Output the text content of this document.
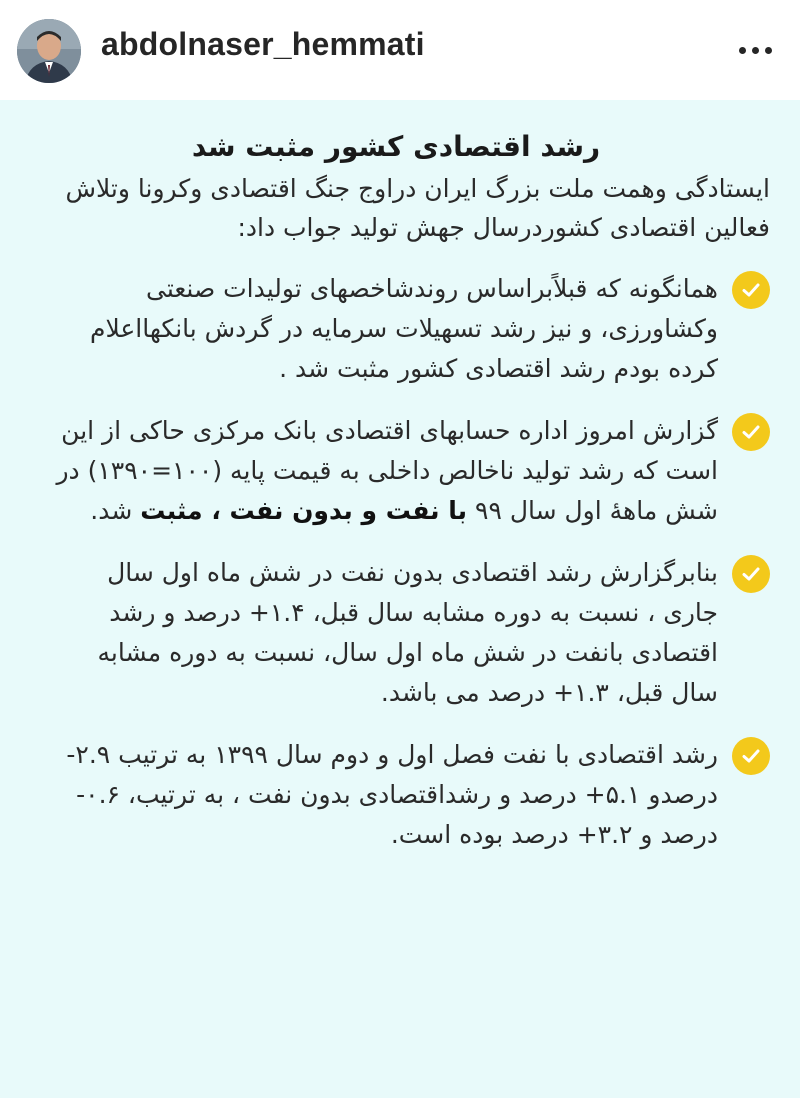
abdolnaser_hemmati
رشد اقتصادی کشور مثبت شد
ایستادگی وهمت ملت بزرگ ایران دراوج جنگ اقتصادی وکرونا وتلاش فعالین اقتصادی کشوردرسال جهش تولید جواب داد:
همانگونه که قبلاًبراساس روندشاخصهای تولیدات صنعتی وکشاورزی، و نیز رشد تسهیلات سرمایه در گردش بانکهااعلام کرده بودم رشد اقتصادی کشور مثبت شد .
گزارش امروز اداره حسابهای اقتصادی بانک مرکزی حاکی از این است که رشد تولید ناخالص داخلی به قیمت پایه (۱۰۰=۱۳۹۰) در شش ماههٔ اول سال ۹۹ با نفت و بدون نفت ، مثبت شد.
بنابرگزارش رشد اقتصادی بدون نفت در شش ماه اول سال جاری ، نسبت به دوره مشابه سال قبل، ۱.۴+ درصد و رشد اقتصادی بانفت در شش ماه اول سال، نسبت به دوره مشابه سال قبل، ۱.۳+ درصد می باشد.
رشد اقتصادی با نفت فصل اول و دوم سال ۱۳۹۹ به ترتیب ۲.۹-درصدو ۵.۱+ درصد و رشداقتصادی بدون نفت ، به ترتیب، ۰.۶- درصد و ۳.۲+ درصد بوده است.
